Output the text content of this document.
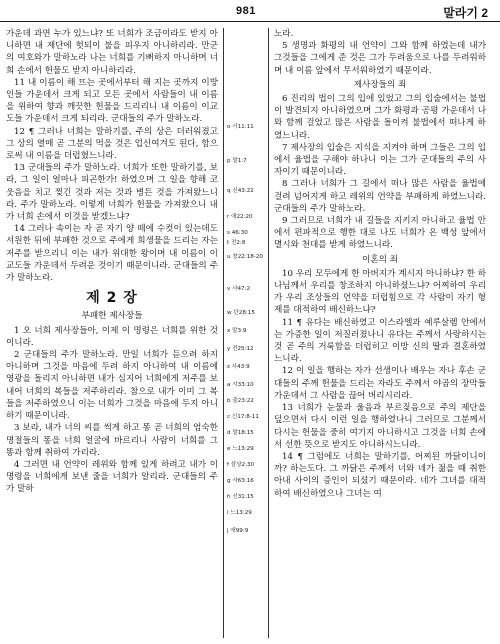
981	말라기 2

가운데 과연 누가 있느냐? 또 너희가 조금이라도 받지 아니하면 내 제단에 헛되이 불을 피우지 아니하리라. 만군의 여호와가 말하노라 나는 너희를 기뻐하지 아니하며 너희 손에서 헌물도 받지 아니하리라.

11 내 이름이 해 뜨는 곳에서부터 해 지는 곳까지 이방인들 가운데서 크게 되고 모든 곳에서 사람들이 내 이름을 위하여 향과 깨끗한 헌물을 드리리니 내 이름이 이교도들 가운데서 크게 되리라. 군대들의 주가 말하노라.

12 ¶ 그러나 너희는 말하기를, 주의 상은 더러워졌고 그 상의 열매 곧 그분의 먹을 것은 업신여겨도 된다, 함으로써 내 이름을 더럽혔느니라.

13 군대들의 주가 말하노라. 너희가 또한 말하기를, 보라, 그 일이 얼마나 피곤한가! 하였으며 그 일을 향해 코웃음을 치고 찢긴 것과 저는 것과 병든 것을 가져왔느니라. 주가 말하노라. 이렇게 너희가 헌물을 가져왔으니 내가 너희 손에서 이것을 받겠느냐?

14 그러나 속이는 자 곧 자기 양 떼에 수컷이 있는데도 서원한 뒤에 부패한 것으로 주에게 희생물을 드리는 자는 저주를 받으리니 이는 내가 위대한 왕이며 내 이름이 이교도들 가운데서 두려운 것이기 때문이니라. 군대들의 주가 말하노라.

제 2 장
부패한 제사장들

1 오 너희 제사장들아, 이제 이 명령은 너희를 위한 것이니라.

2 군대들의 주가 말하노라. 만일 너희가 듣으려 하지 아니하며 그것을 마음에 두려 하지 아니하여 내 이름에 영광을 돌리지 아니하면 내가 심지어 너희에게 저주를 보내어 너희의 복들을 저주하리라. 참으로 내가 이미 그 복들을 저주하였으니 이는 너희가 그것을 마음에 두지 아니하기 때문이니라.

3 보라, 내가 너의 씨를 썩게 하고 똥 곧 너희의 엄숙한 명절들의 똥을 너희 얼굴에 바르리니 사람이 너희를 그 똥과 함께 취하여 가리라.

4 그러면 내 언약이 레위와 함께 있게 하려고 내가 이 명령을 너희에게 보낸 줄을 너희가 알리라. 군대들의 주가 말하

o 사11:11
p 말1:7
q 신43:22
r 애22:20
s 46:30
t 전2:8
u 창22:18-20
v 사47:2
w 단28:15
x 말3:9
y 전25:12
z 사43:9
a 시33:10
b 출23:22
c 신17:8-11
d 말18:15
e 느13:29
f 삼상2:30
g 사63:16
h 신31:15
i 느13:29
j 애99:9

노라.

5 생명과 화평의 내 언약이 그와 함께 하였는데 내가 그것들을 그에게 준 것은 그가 두려움으로 나를 두려워하며 내 이름 앞에서 무서워하였기 때문이라.

제사장들의 죄

6 진리의 법이 그의 입에 있었고 그의 입술에서는 불법이 발견되지 아니하였으며 그가 화평과 공평 가운데서 나와 함께 걸었고 많은 사람을 돌이켜 불법에서 떠나게 하였느니라.

7 제사장의 입술은 지식을 지켜야 하며 그들은 그의 입에서 율법을 구해야 하나니 이는 그가 군대들의 주의 사자이기 때문이니라.

8 그러나 너희가 그 길에서 떠나 많은 사람을 율법에 걸려 넘어지게 하고 레위의 언약을 부패하게 하였느니라. 군대들의 주가 말하노라.

9 그러므로 너희가 내 길들을 지키지 아니하고 율법 안에서 편파적으로 행한 대로 나도 너희가 온 백성 앞에서 멸시와 천대를 받게 하였느니라.

이혼의 죄

10 우리 모두에게 한 아버지가 계시지 아니하냐? 한 하나님께서 우리를 창조하지 아니하셨느냐? 어찌하여 우리가 우리 조상들의 언약을 더럽힘으로 각 사람이 자기 형제를 대적하여 배신하느냐?

11 ¶ 유다는 배신하였고 이스라엘과 예루살렘 안에서는 가증한 일이 저질러졌나니 유다는 주께서 사랑하시는 것 곧 주의 거룩함을 더럽히고 이방 신의 딸과 결혼하였느니라.

12 이 일을 행하는 자가 선생이나 배우는 자나 후손 군대들의 주께 헌물을 드리는 자라도 주께서 야곱의 장막들 가운데서 그 사람을 끊어 버리시리라.

13 너희가 눈물과 울음과 부르짖음으로 주의 제단을 덮으면서 다시 이런 일을 행하였나니 그러므로 그분께서 다시는 헌물을 중히 여기지 아니하시고 그것을 너희 손에서 선한 뜻으로 받지도 아니하시느니라.

14 ¶ 그럼에도 너희는 말하기를, 어찌된 까닭이니이까? 하는도다. 그 까닭은 주께서 너와 네가 젊을 때 취한 아내 사이의 증인이 되셨기 때문이라. 네가 그녀를 대적하여 배신하였으나 그녀는 여
